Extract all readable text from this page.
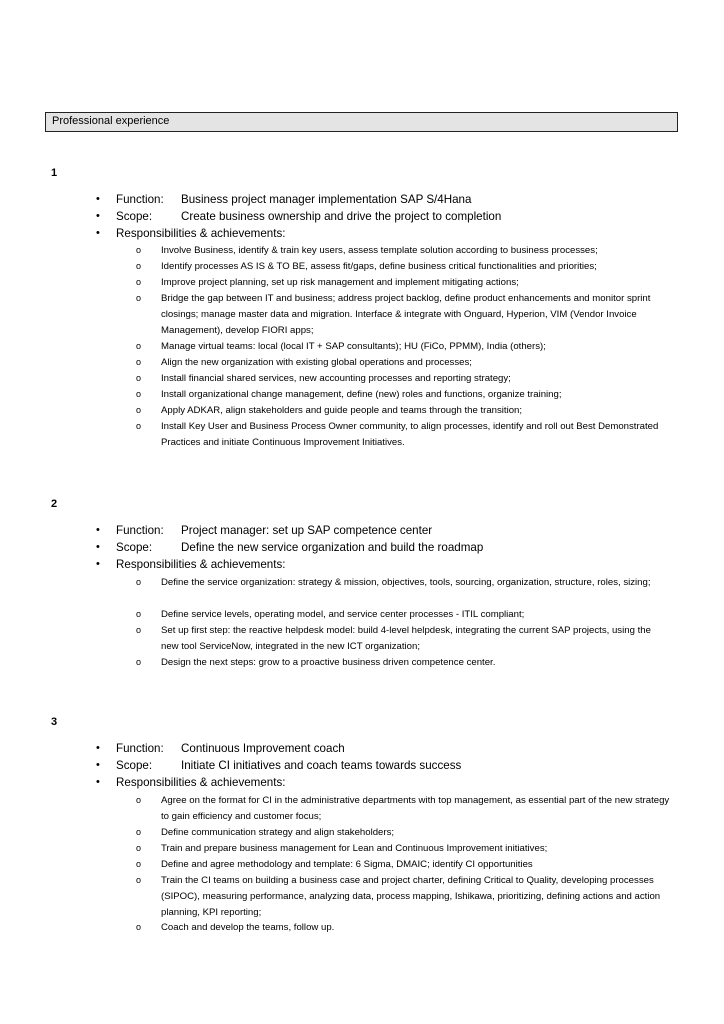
Professional experience
1
• Function: Business project manager implementation SAP S/4Hana
• Scope: Create business ownership and drive the project to completion
• Responsibilities & achievements:
o Involve Business, identify & train key users, assess template solution according to business processes;
o Identify processes AS IS & TO BE, assess fit/gaps, define business critical functionalities and priorities;
o Improve project planning, set up risk management and implement mitigating actions;
o Bridge the gap between IT and business; address project backlog, define product enhancements and monitor sprint closings; manage master data and migration. Interface & integrate with Onguard, Hyperion, VIM (Vendor Invoice Management), develop FIORI apps;
o Manage virtual teams: local (local IT + SAP consultants); HU (FiCo, PPMM), India (others);
o Align the new organization with existing global operations and processes;
o Install financial shared services, new accounting processes and reporting strategy;
o Install organizational change management, define (new) roles and functions, organize training;
o Apply ADKAR, align stakeholders and guide people and teams through the transition;
o Install Key User and Business Process Owner community, to align processes, identify and roll out Best Demonstrated Practices and initiate Continuous Improvement Initiatives.
2
• Function: Project manager: set up SAP competence center
• Scope: Define the new service organization and build the roadmap
• Responsibilities & achievements:
o Define the service organization: strategy & mission, objectives, tools, sourcing, organization, structure, roles, sizing;
o Define service levels, operating model, and service center processes - ITIL compliant;
o Set up first step: the reactive helpdesk model: build 4-level helpdesk, integrating the current SAP projects, using the new tool ServiceNow, integrated in the new ICT organization;
o Design the next steps: grow to a proactive business driven competence center.
3
• Function: Continuous Improvement coach
• Scope: Initiate CI initiatives and coach teams towards success
• Responsibilities & achievements:
o Agree on the format for CI in the administrative departments with top management, as essential part of the new strategy to gain efficiency and customer focus;
o Define communication strategy and align stakeholders;
o Train and prepare business management for Lean and Continuous Improvement initiatives;
o Define and agree methodology and template: 6 Sigma, DMAIC; identify CI opportunities
o Train the CI teams on building a business case and project charter, defining Critical to Quality, developing processes (SIPOC), measuring performance, analyzing data, process mapping, Ishikawa, prioritizing, defining actions and action planning, KPI reporting;
o Coach and develop the teams, follow up.
